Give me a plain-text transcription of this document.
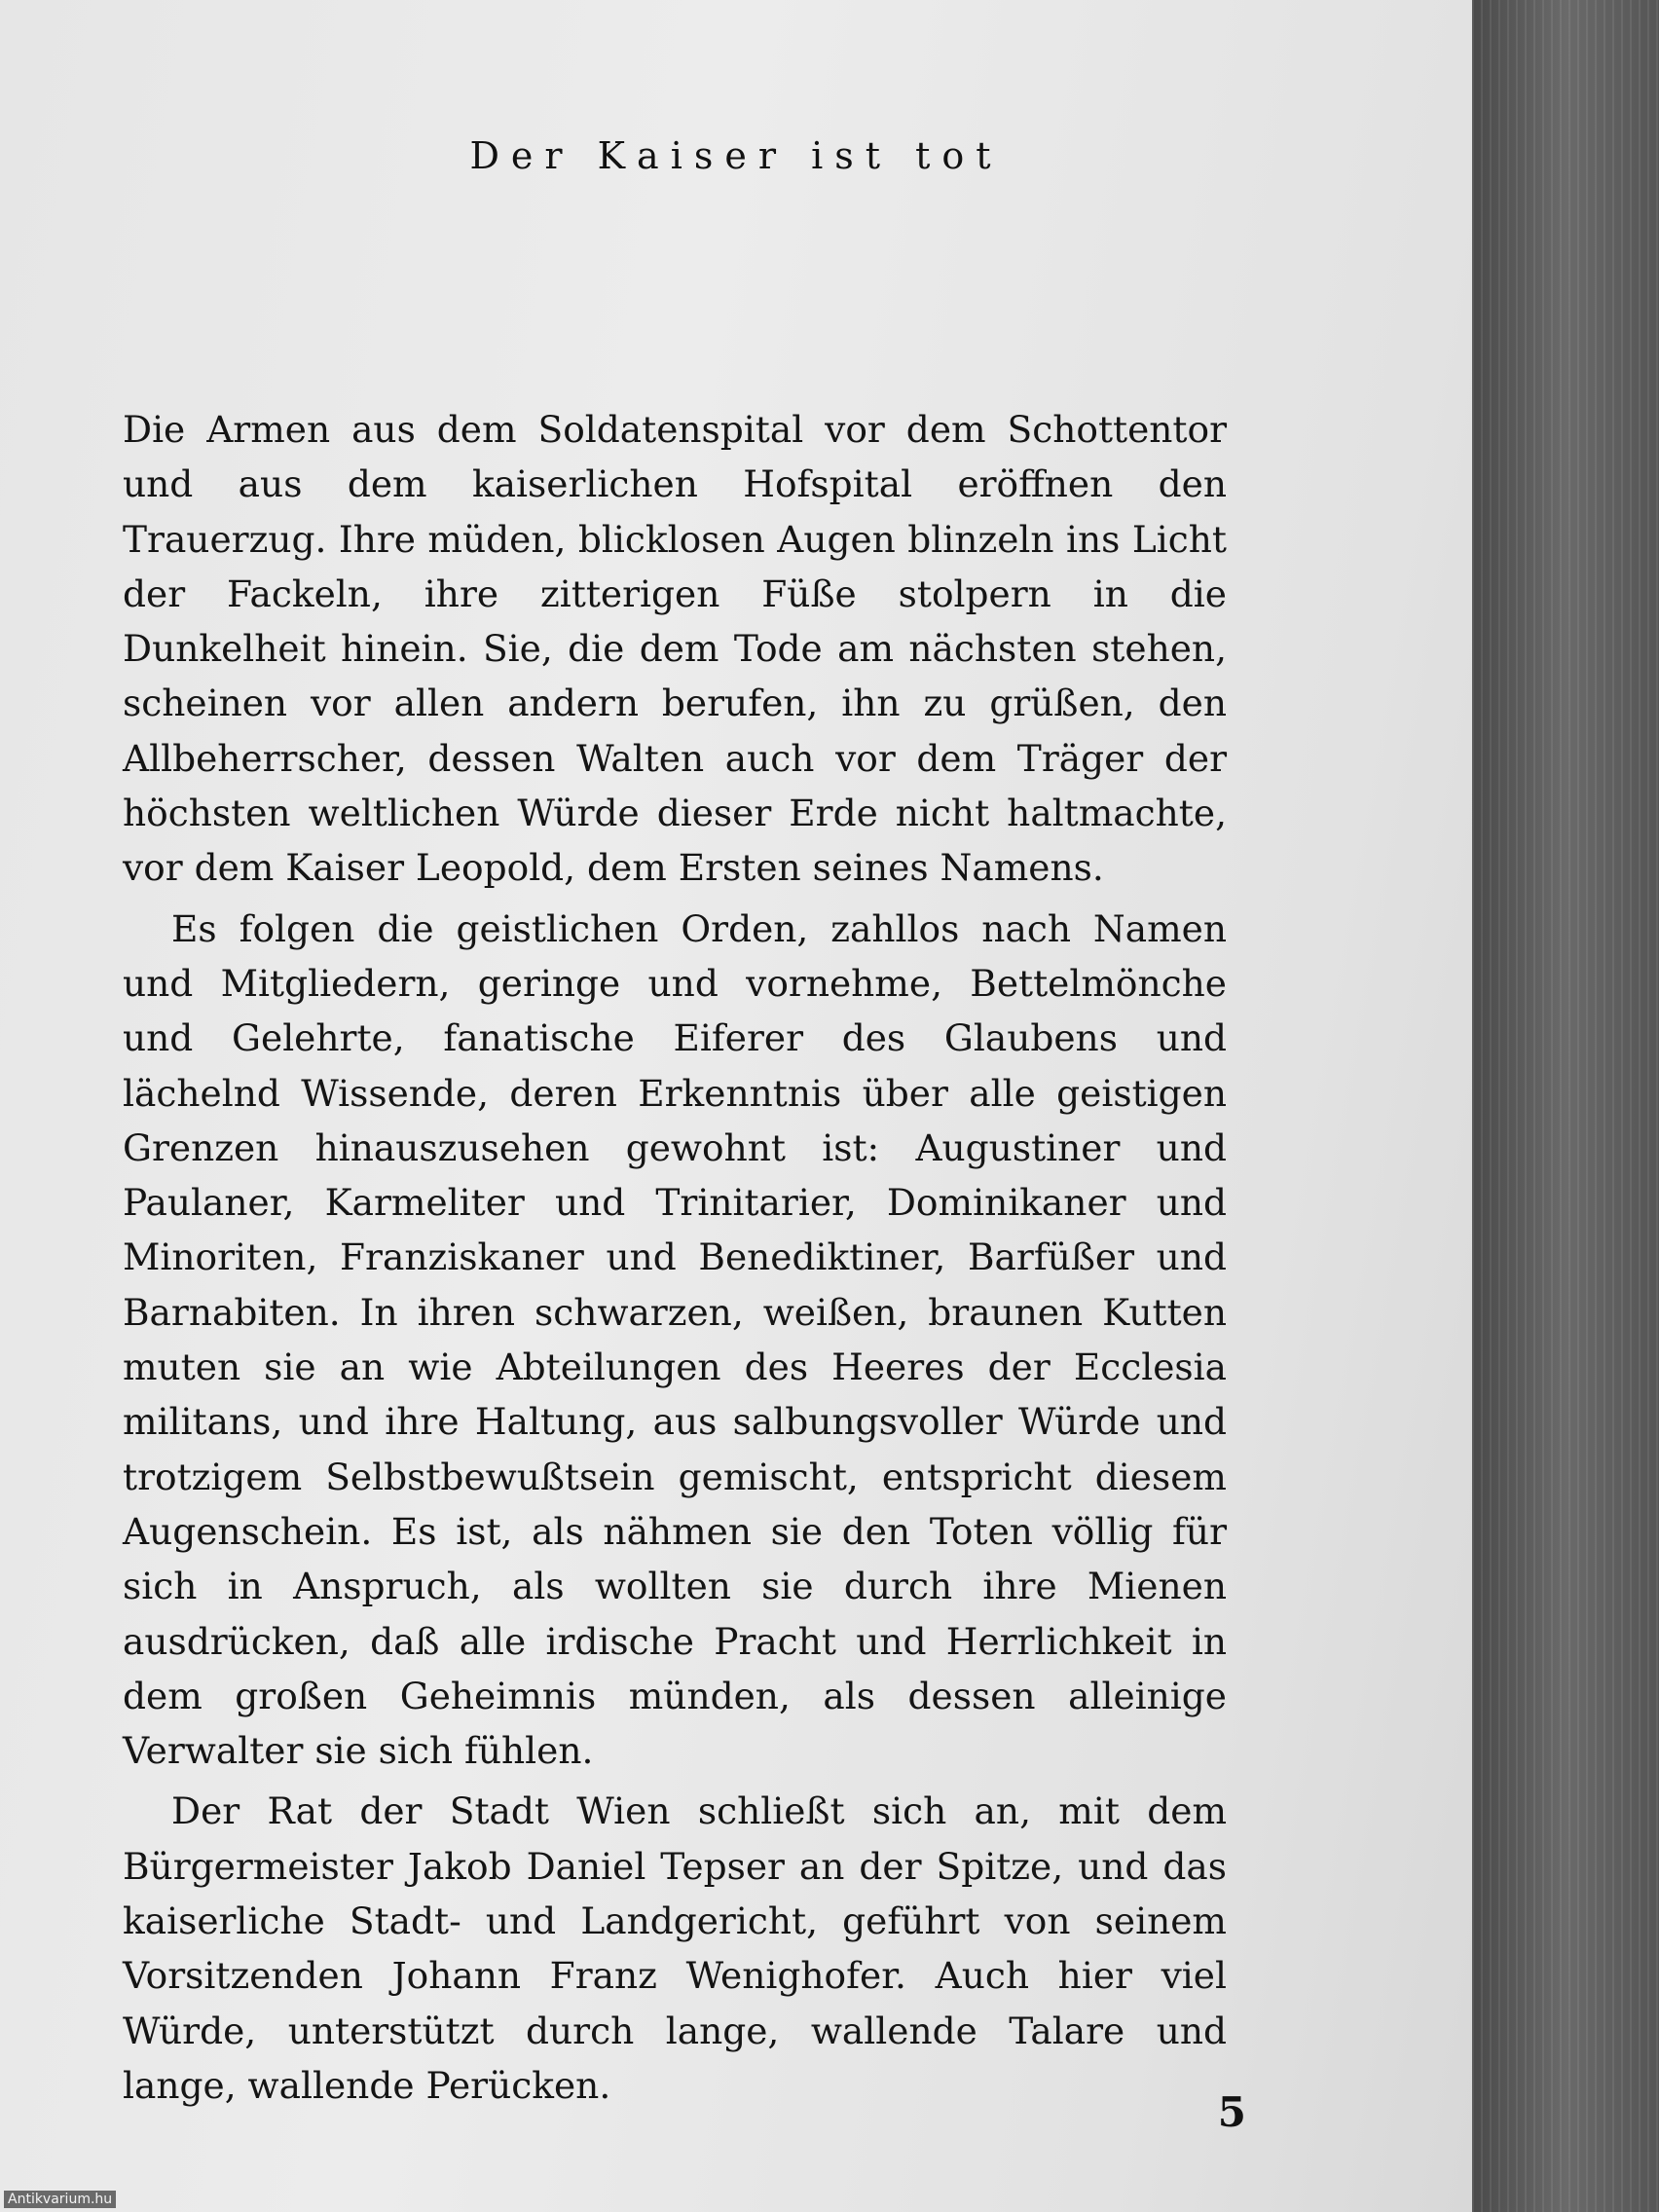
Der Kaiser ist tot

Die Armen aus dem Soldatenspital vor dem Schottentor und aus dem kaiserlichen Hofspital eröffnen den Trauerzug. Ihre müden, blicklosen Augen blinzeln ins Licht der Fackeln, ihre zitterigen Füße stolpern in die Dunkelheit hinein. Sie, die dem Tode am nächsten stehen, scheinen vor allen andern berufen, ihn zu grüßen, den Allbeherrscher, dessen Walten auch vor dem Träger der höchsten weltlichen Würde dieser Erde nicht haltmachte, vor dem Kaiser Leopold, dem Ersten seines Namens.

Es folgen die geistlichen Orden, zahllos nach Namen und Mitgliedern, geringe und vornehme, Bettelmönche und Gelehrte, fanatische Eiferer des Glaubens und lächelnd Wissende, deren Erkenntnis über alle geistigen Grenzen hinauszusehen gewohnt ist: Augustiner und Paulaner, Karmeliter und Trinitarier, Dominikaner und Minoriten, Franziskaner und Benediktiner, Barfüßer und Barnabiten. In ihren schwarzen, weißen, braunen Kutten muten sie an wie Abteilungen des Heeres der Ecclesia militans, und ihre Haltung, aus salbungsvoller Würde und trotzigem Selbstbewußtsein gemischt, entspricht diesem Augenschein. Es ist, als nähmen sie den Toten völlig für sich in Anspruch, als wollten sie durch ihre Mienen ausdrücken, daß alle irdische Pracht und Herrlichkeit in dem großen Geheimnis münden, als dessen alleinige Verwalter sie sich fühlen.

Der Rat der Stadt Wien schließt sich an, mit dem Bürgermeister Jakob Daniel Tepser an der Spitze, und das kaiserliche Stadt- und Landgericht, geführt von seinem Vorsitzenden Johann Franz Wenighofer. Auch hier viel Würde, unterstützt durch lange, wallende Talare und lange, wallende Perücken.

5
Antikvarium.hu
